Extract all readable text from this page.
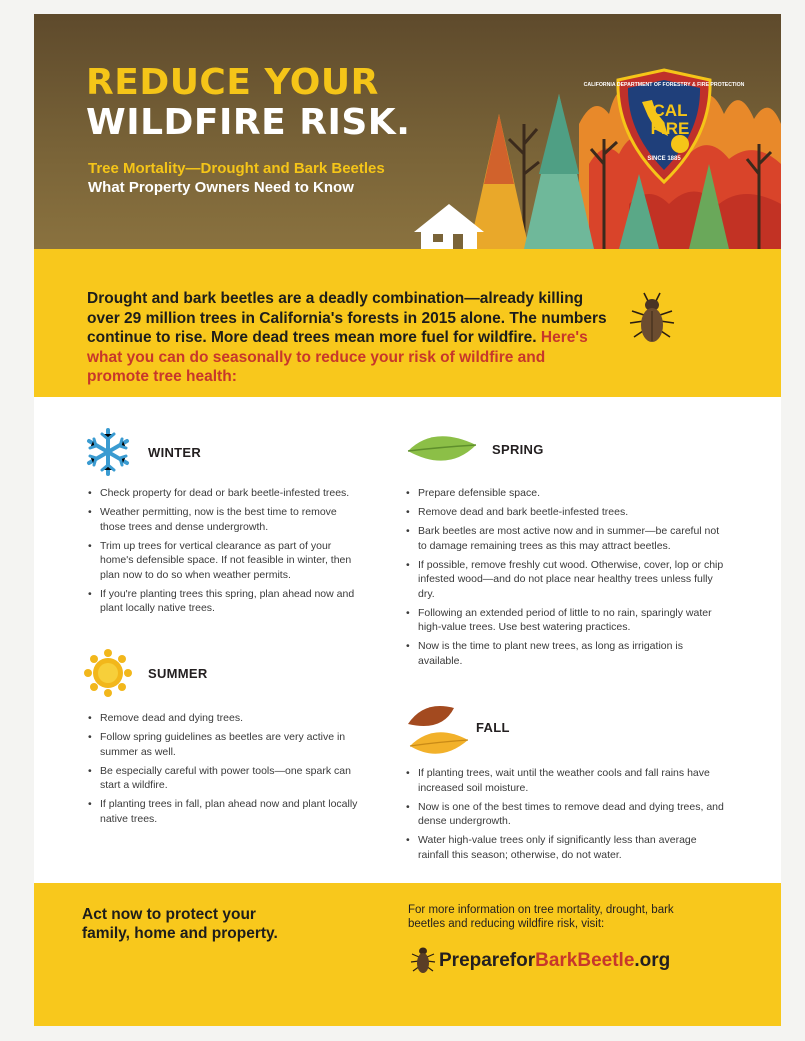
REDUCE YOUR
WILDFIRE RISK.
Tree Mortality—Drought and Bark Beetles
What Property Owners Need to Know
CALIFORNIA DEPARTMENT OF FORESTRY & FIRE PROTECTION
CAL
FIRE
SINCE 1885

Drought and bark beetles are a deadly combination—already killing over 29 million trees in California's forests in 2015 alone. The numbers continue to rise. More dead trees mean more fuel for wildfire. Here's what you can do seasonally to reduce your risk of wildfire and promote tree health:

WINTER
• Check property for dead or bark beetle-infested trees.
• Weather permitting, now is the best time to remove those trees and dense undergrowth.
• Trim up trees for vertical clearance as part of your home's defensible space. If not feasible in winter, then plan now to do so when weather permits.
• If you're planting trees this spring, plan ahead now and plant locally native trees.
SUMMER
• Remove dead and dying trees.
• Follow spring guidelines as beetles are very active in summer as well.
• Be especially careful with power tools—one spark can start a wildfire.
• If planting trees in fall, plan ahead now and plant locally native trees.
SPRING
• Prepare defensible space.
• Remove dead and bark beetle-infested trees.
• Bark beetles are most active now and in summer—be careful not to damage remaining trees as this may attract beetles.
• If possible, remove freshly cut wood. Otherwise, cover, lop or chip infested wood—and do not place near healthy trees unless fully dry.
• Following an extended period of little to no rain, sparingly water high-value trees. Use best watering practices.
• Now is the time to plant new trees, as long as irrigation is available.
FALL
• If planting trees, wait until the weather cools and fall rains have increased soil moisture.
• Now is one of the best times to remove dead and dying trees, and dense undergrowth.
• Water high-value trees only if significantly less than average rainfall this season; otherwise, do not water.
Act now to protect your family, home and property.
For more information on tree mortality, drought, bark beetles and reducing wildfire risk, visit:
PrepareforBarkBeetle.org
